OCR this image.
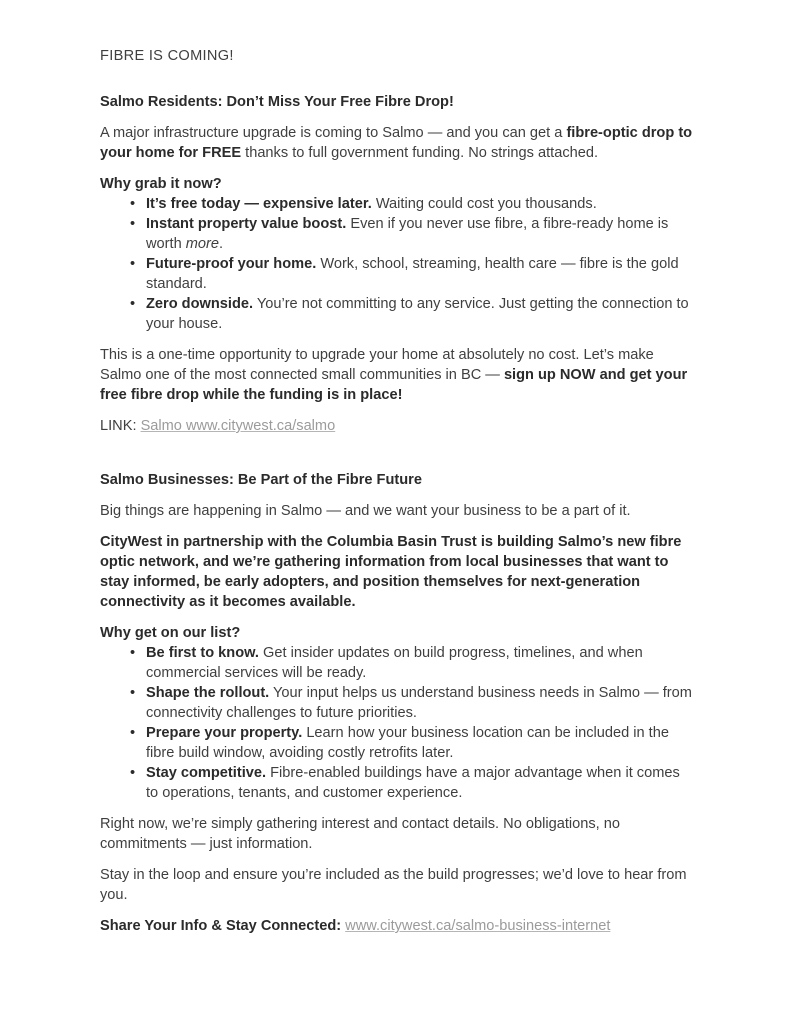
FIBRE IS COMING!

Salmo Residents: Don’t Miss Your Free Fibre Drop!

A major infrastructure upgrade is coming to Salmo — and you can get a fibre-optic drop to your home for FREE thanks to full government funding. No strings attached.

Why grab it now?
• It’s free today — expensive later. Waiting could cost you thousands.
• Instant property value boost. Even if you never use fibre, a fibre-ready home is worth more.
• Future-proof your home. Work, school, streaming, health care — fibre is the gold standard.
• Zero downside. You’re not committing to any service. Just getting the connection to your house.

This is a one-time opportunity to upgrade your home at absolutely no cost. Let’s make Salmo one of the most connected small communities in BC — sign up NOW and get your free fibre drop while the funding is in place!

LINK: Salmo www.citywest.ca/salmo

Salmo Businesses: Be Part of the Fibre Future

Big things are happening in Salmo — and we want your business to be a part of it.

CityWest in partnership with the Columbia Basin Trust is building Salmo’s new fibre optic network, and we’re gathering information from local businesses that want to stay informed, be early adopters, and position themselves for next-generation connectivity as it becomes available.

Why get on our list?
• Be first to know. Get insider updates on build progress, timelines, and when commercial services will be ready.
• Shape the rollout. Your input helps us understand business needs in Salmo — from connectivity challenges to future priorities.
• Prepare your property. Learn how your business location can be included in the fibre build window, avoiding costly retrofits later.
• Stay competitive. Fibre-enabled buildings have a major advantage when it comes to operations, tenants, and customer experience.

Right now, we’re simply gathering interest and contact details. No obligations, no commitments — just information.

Stay in the loop and ensure you’re included as the build progresses; we’d love to hear from you.

Share Your Info & Stay Connected: www.citywest.ca/salmo-business-internet
